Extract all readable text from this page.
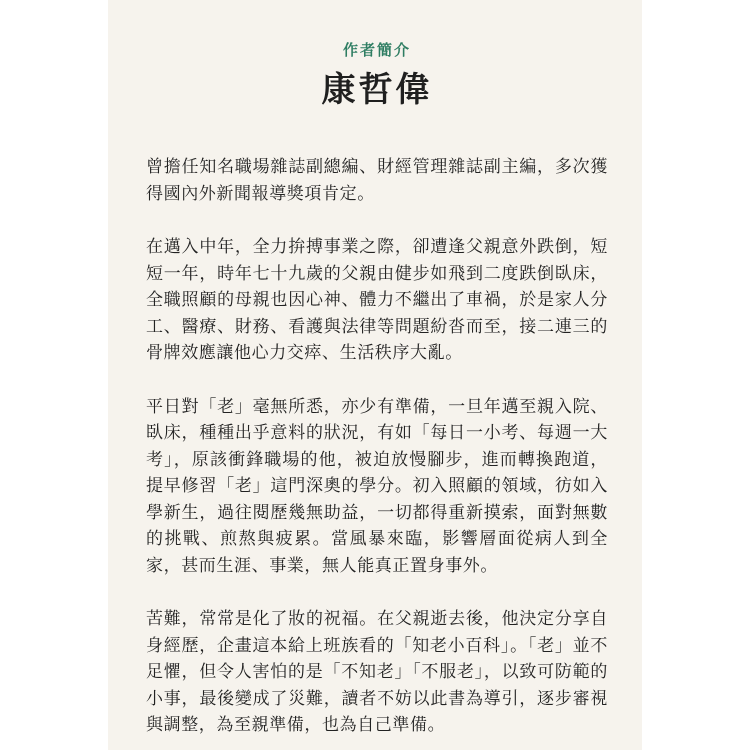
作者簡介
康哲偉

曾擔任知名職場雜誌副總編、財經管理雜誌副主編，多次獲得國內外新聞報導獎項肯定。

在邁入中年，全力拚搏事業之際，卻遭逢父親意外跌倒，短短一年，時年七十九歲的父親由健步如飛到二度跌倒臥床，全職照顧的母親也因心神、體力不繼出了車禍，於是家人分工、醫療、財務、看護與法律等問題紛沓而至，接二連三的骨牌效應讓他心力交瘁、生活秩序大亂。

平日對「老」毫無所悉，亦少有準備，一旦年邁至親入院、臥床，種種出乎意料的狀況，有如「每日一小考、每週一大考」，原該衝鋒職場的他，被迫放慢腳步，進而轉換跑道，提早修習「老」這門深奧的學分。初入照顧的領域，彷如入學新生，過往閱歷幾無助益，一切都得重新摸索，面對無數的挑戰、煎熬與疲累。當風暴來臨，影響層面從病人到全家，甚而生涯、事業，無人能真正置身事外。

苦難，常常是化了妝的祝福。在父親逝去後，他決定分享自身經歷，企畫這本給上班族看的「知老小百科」。「老」並不足懼，但令人害怕的是「不知老」「不服老」，以致可防範的小事，最後變成了災難，讀者不妨以此書為導引，逐步審視與調整，為至親準備，也為自己準備。
